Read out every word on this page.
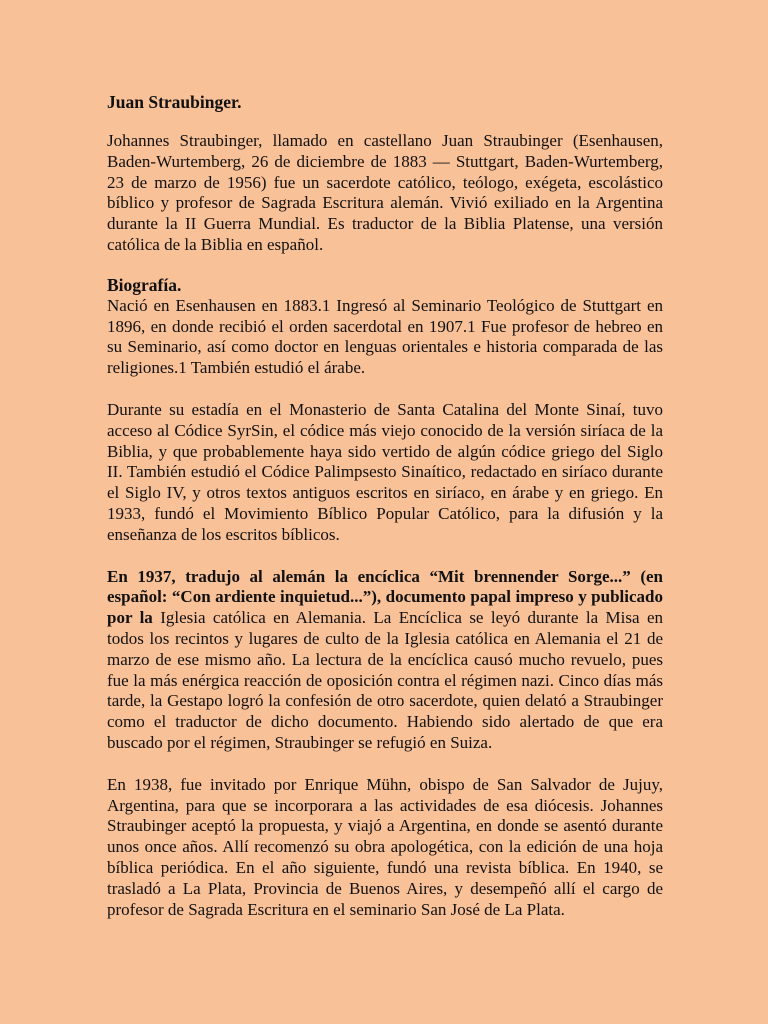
Juan Straubinger.

Johannes Straubinger, llamado en castellano Juan Straubinger (Esenhausen, Baden-Wurtemberg, 26 de diciembre de 1883 — Stuttgart, Baden-Wurtemberg, 23 de marzo de 1956) fue un sacerdote católico, teólogo, exégeta, escolástico bíblico y profesor de Sagrada Escritura alemán. Vivió exiliado en la Argentina durante la II Guerra Mundial. Es traductor de la Biblia Platense, una versión católica de la Biblia en español.

Biografía.

Nació en Esenhausen en 1883.1 Ingresó al Seminario Teológico de Stuttgart en 1896, en donde recibió el orden sacerdotal en 1907.1 Fue profesor de hebreo en su Seminario, así como doctor en lenguas orientales e historia comparada de las religiones.1 También estudió el árabe.

Durante su estadía en el Monasterio de Santa Catalina del Monte Sinaí, tuvo acceso al Códice SyrSin, el códice más viejo conocido de la versión siríaca de la Biblia, y que probablemente haya sido vertido de algún códice griego del Siglo II. También estudió el Códice Palimpsesto Sinaítico, redactado en siríaco durante el Siglo IV, y otros textos antiguos escritos en siríaco, en árabe y en griego. En 1933, fundó el Movimiento Bíblico Popular Católico, para la difusión y la enseñanza de los escritos bíblicos.

En 1937, tradujo al alemán la encíclica “Mit brennender Sorge...” (en español: “Con ardiente inquietud...”), documento papal impreso y publicado por la Iglesia católica en Alemania. La Encíclica se leyó durante la Misa en todos los recintos y lugares de culto de la Iglesia católica en Alemania el 21 de marzo de ese mismo año. La lectura de la encíclica causó mucho revuelo, pues fue la más enérgica reacción de oposición contra el régimen nazi. Cinco días más tarde, la Gestapo logró la confesión de otro sacerdote, quien delató a Straubinger como el traductor de dicho documento. Habiendo sido alertado de que era buscado por el régimen, Straubinger se refugió en Suiza.

En 1938, fue invitado por Enrique Mühn, obispo de San Salvador de Jujuy, Argentina, para que se incorporara a las actividades de esa diócesis. Johannes Straubinger aceptó la propuesta, y viajó a Argentina, en donde se asentó durante unos once años. Allí recomenzó su obra apologética, con la edición de una hoja bíblica periódica. En el año siguiente, fundó una revista bíblica. En 1940, se trasladó a La Plata, Provincia de Buenos Aires, y desempeñó allí el cargo de profesor de Sagrada Escritura en el seminario San José de La Plata.
